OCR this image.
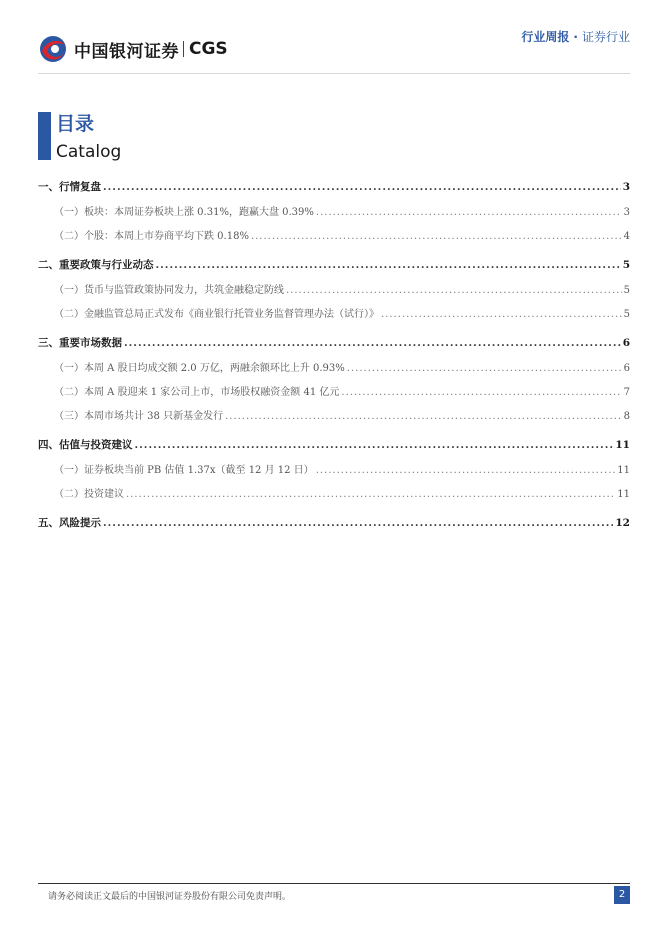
中国银河证券 CGS
行业周报 · 证券行业
目录
Catalog
一、行情复盘 .....	3
（一）板块：本周证券板块上涨 0.31%，跑赢大盘 0.39% .....	3
（二）个股：本周上市券商平均下跌 0.18% .....	4
二、重要政策与行业动态 .....	5
（一）货币与监管政策协同发力，共筑金融稳定防线 .....	5
（二）金融监管总局正式发布《商业银行托管业务监督管理办法（试行）》 .....	5
三、重要市场数据 .....	6
（一）本周 A 股日均成交额 2.0 万亿，两融余额环比上升 0.93% .....	6
（二）本周 A 股迎来 1 家公司上市，市场股权融资金额 41 亿元 .....	7
（三）本周市场共计 38 只新基金发行 .....	8
四、估值与投资建议 .....	11
（一）证券板块当前 PB 估值 1.37x（截至 12 月 12 日） .....	11
（二）投资建议 .....	11
五、风险提示 .....	12
请务必阅读正文最后的中国银河证券股份有限公司免责声明。	2
